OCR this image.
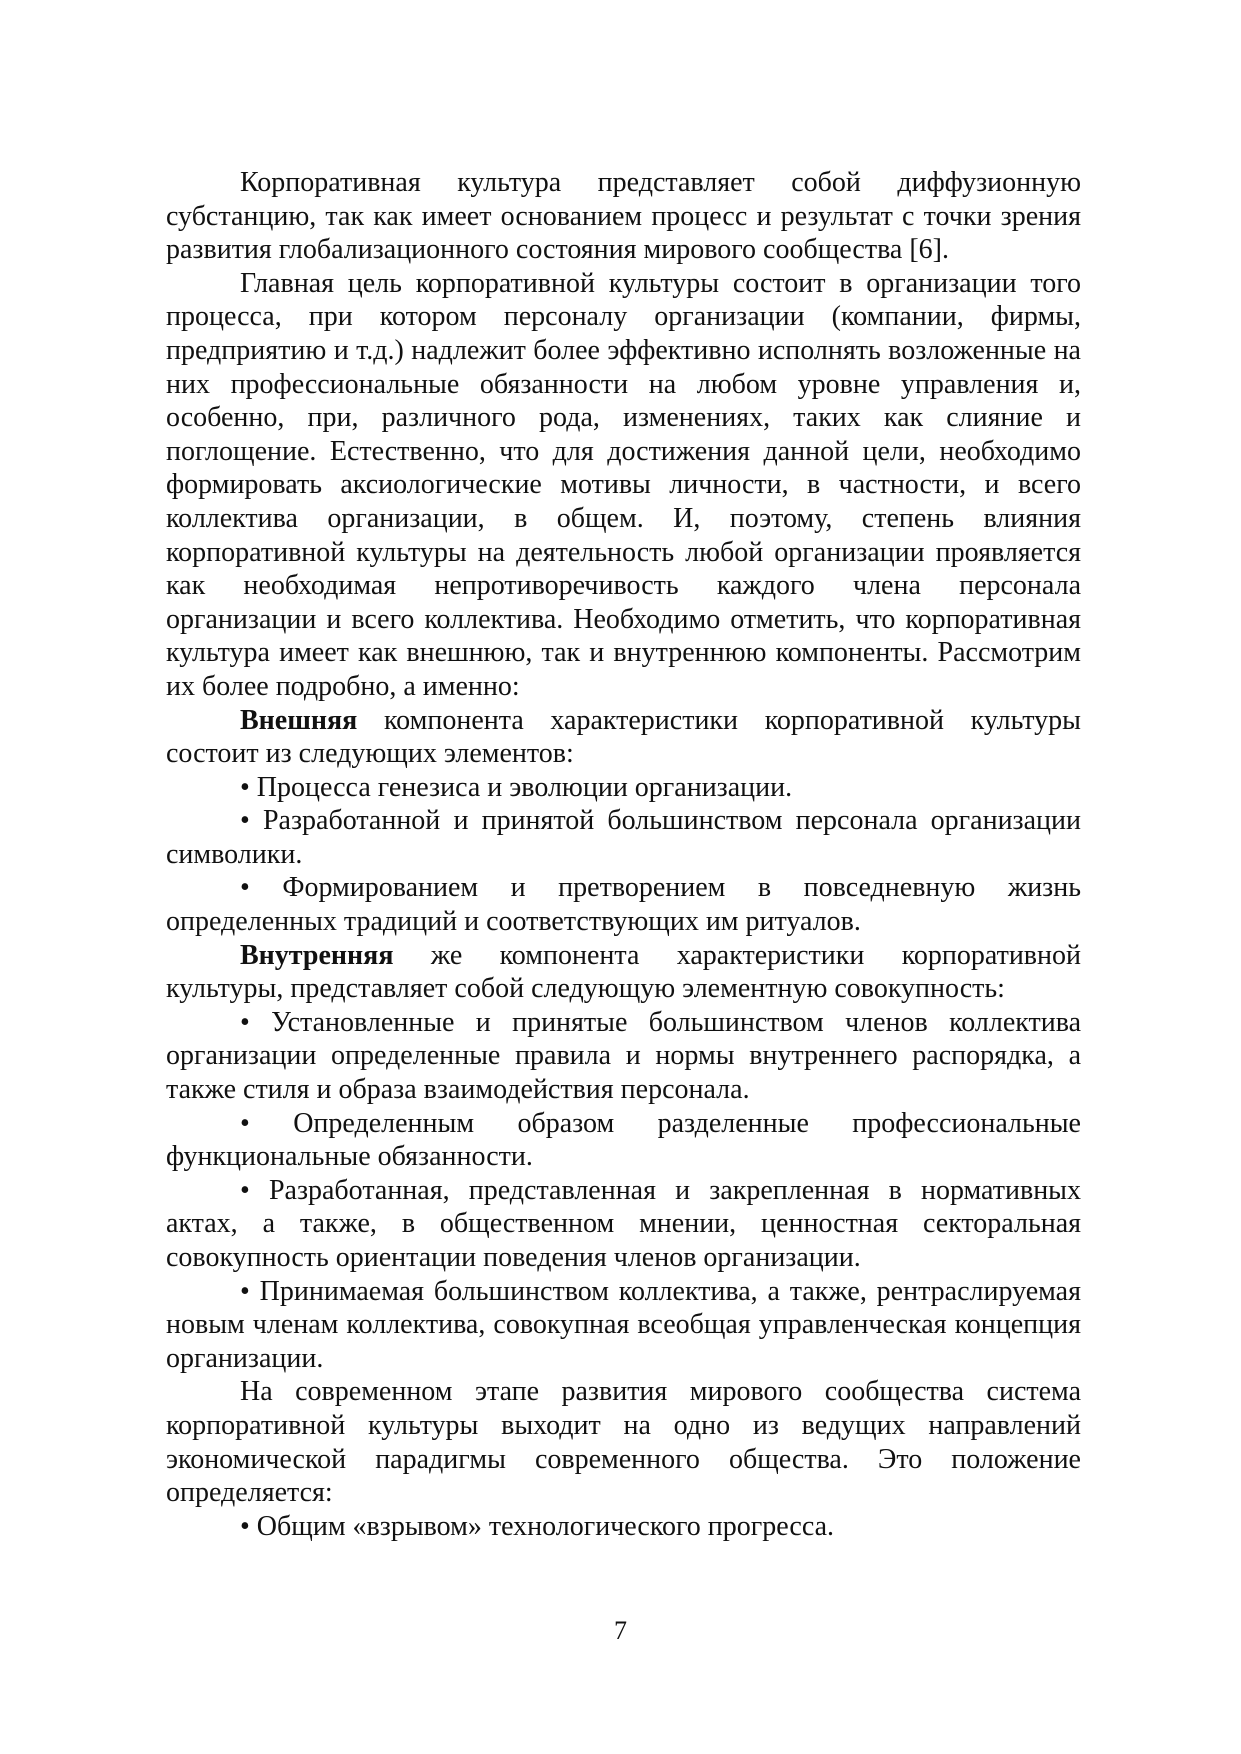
Корпоративная культура представляет собой диффузионную субстанцию, так как имеет основанием процесс и результат с точки зрения развития глобализационного состояния мирового сообщества [6].

Главная цель корпоративной культуры состоит в организации того процесса, при котором персоналу организации (компании, фирмы, предприятию и т.д.) надлежит более эффективно исполнять возложенные на них профессиональные обязанности на любом уровне управления и, особенно, при, различного рода, изменениях, таких как слияние и поглощение. Естественно, что для достижения данной цели, необходимо формировать аксиологические мотивы личности, в частности, и всего коллектива организации, в общем. И, поэтому, степень влияния корпоративной культуры на деятельность любой организации проявляется как необходимая непротиворечивость каждого члена персонала организации и всего коллектива. Необходимо отметить, что корпоративная культура имеет как внешнюю, так и внутреннюю компоненты. Рассмотрим их более подробно, а именно:

Внешняя компонента характеристики корпоративной культуры состоит из следующих элементов:

• Процесса генезиса и эволюции организации.

• Разработанной и принятой большинством персонала организации символики.

• Формированием и претворением в повседневную жизнь определенных традиций и соответствующих им ритуалов.

Внутренняя же компонента характеристики корпоративной культуры, представляет собой следующую элементную совокупность:

• Установленные и принятые большинством членов коллектива организации определенные правила и нормы внутреннего распорядка, а также стиля и образа взаимодействия персонала.

• Определенным образом разделенные профессиональные функциональные обязанности.

• Разработанная, представленная и закрепленная в нормативных актах, а также, в общественном мнении, ценностная секторальная совокупность ориентации поведения членов организации.

• Принимаемая большинством коллектива, а также, рентраслируемая новым членам коллектива, совокупная всеобщая управленческая концепция организации.

На современном этапе развития мирового сообщества система корпоративной культуры выходит на одно из ведущих направлений экономической парадигмы современного общества. Это положение определяется:

• Общим «взрывом» технологического прогресса.

7
